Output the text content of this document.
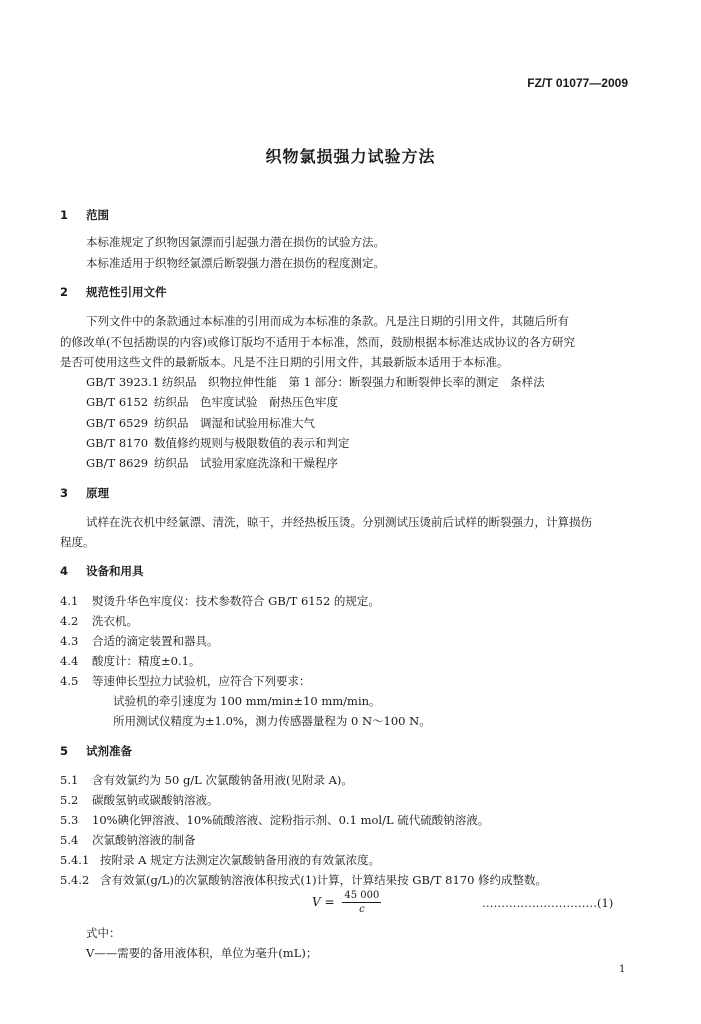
FZ/T 01077—2009
织物氯损强力试验方法
1 范围
本标准规定了织物因氯漂而引起强力潜在损伤的试验方法。
本标准适用于织物经氯漂后断裂强力潜在损伤的程度测定。
2 规范性引用文件
下列文件中的条款通过本标准的引用而成为本标准的条款。凡是注日期的引用文件，其随后所有
的修改单(不包括勘误的内容)或修订版均不适用于本标准，然而，鼓励根据本标准达成协议的各方研究
是否可使用这些文件的最新版本。凡是不注日期的引用文件，其最新版本适用于本标准。
GB/T 3923.1 纺织品　织物拉伸性能　第 1 部分：断裂强力和断裂伸长率的测定　条样法
GB/T 6152 纺织品　色牢度试验　耐热压色牢度
GB/T 6529 纺织品　调湿和试验用标准大气
GB/T 8170 数值修约规则与极限数值的表示和判定
GB/T 8629 纺织品　试验用家庭洗涤和干燥程序
3 原理
试样在洗衣机中经氯漂、清洗，晾干，并经热板压烫。分别测试压烫前后试样的断裂强力，计算损伤
程度。
4 设备和用具
4.1 熨烫升华色牢度仪：技术参数符合 GB/T 6152 的规定。
4.2 洗衣机。
4.3 合适的滴定装置和器具。
4.4 酸度计：精度±0.1。
4.5 等速伸长型拉力试验机，应符合下列要求：
试验机的牵引速度为 100 mm/min±10 mm/min。
所用测试仪精度为±1.0%，测力传感器量程为 0 N～100 N。
5 试剂准备
5.1 含有效氯约为 50 g/L 次氯酸钠备用液(见附录 A)。
5.2 碳酸氢钠或碳酸钠溶液。
5.3 10%碘化钾溶液、10%硫酸溶液、淀粉指示剂、0.1 mol/L 硫代硫酸钠溶液。
5.4 次氯酸钠溶液的制备
5.4.1 按附录 A 规定方法测定次氯酸钠备用液的有效氯浓度。
5.4.2 含有效氯(g/L)的次氯酸钠溶液体积按式(1)计算，计算结果按 GB/T 8170 修约成整数。
$V = \frac{45 000}{c}$	…………………………(1)
式中：
V——需要的备用液体积，单位为毫升(mL)；
1
